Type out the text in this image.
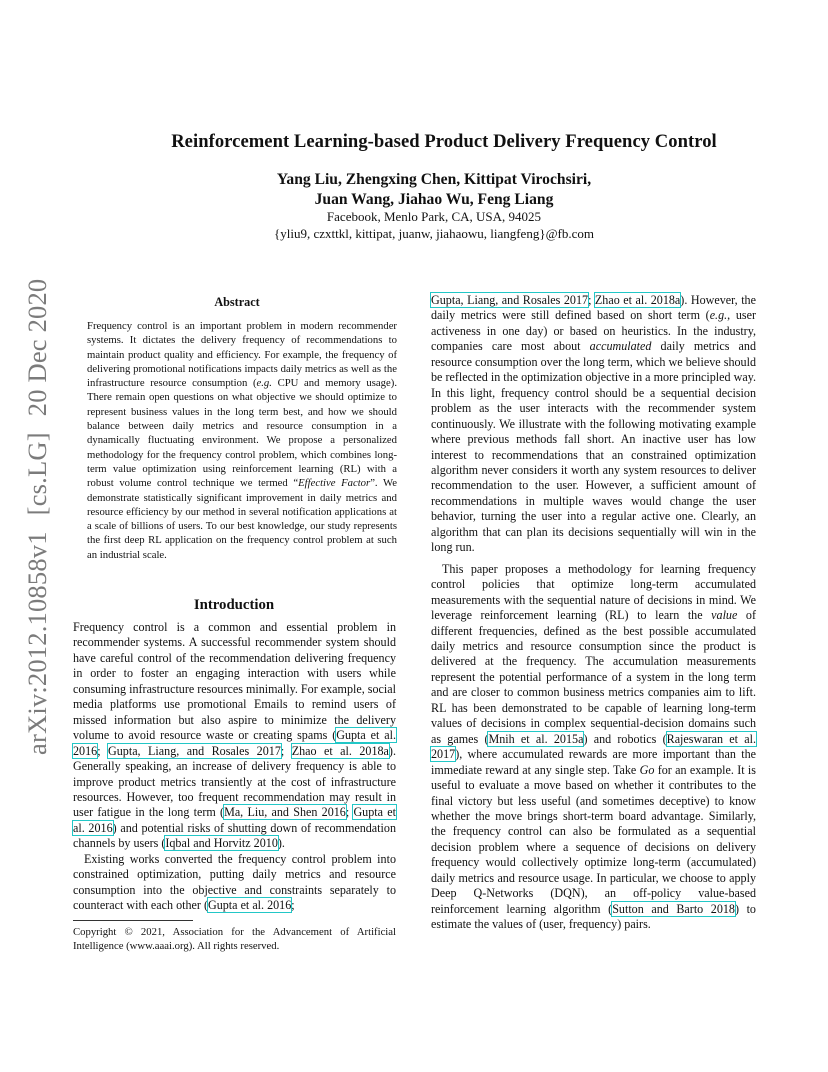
arXiv:2012.10858v1[cs.LG]20 Dec 2020
Reinforcement Learning-based Product Delivery Frequency Control
Yang Liu, Zhengxing Chen, Kittipat Virochsiri,
Juan Wang, Jiahao Wu, Feng Liang
Facebook, Menlo Park, CA, USA, 94025
{yliu9, czxttkl, kittipat, juanw, jiahaowu, liangfeng}@fb.com
Abstract

Frequency control is an important problem in modern recommender systems. It dictates the delivery frequency of recommendations to maintain product quality and efficiency. For example, the frequency of delivering promotional notifications impacts daily metrics as well as the infrastructure resource consumption (e.g. CPU and memory usage). There remain open questions on what objective we should optimize to represent business values in the long term best, and how we should balance between daily metrics and resource consumption in a dynamically fluctuating environment. We propose a personalized methodology for the frequency control problem, which combines long-term value optimization using reinforcement learning (RL) with a robust volume control technique we termed “Effective Factor”. We demonstrate statistically significant improvement in daily metrics and resource efficiency by our method in several notification applications at a scale of billions of users. To our best knowledge, our study represents the first deep RL application on the frequency control problem at such an industrial scale.

Introduction

Frequency control is a common and essential problem in recommender systems. A successful recommender system should have careful control of the recommendation delivering frequency in order to foster an engaging interaction with users while consuming infrastructure resources minimally. For example, social media platforms use promotional Emails to remind users of missed information but also aspire to minimize the delivery volume to avoid resource waste or creating spams (Gupta et al. 2016; Gupta, Liang, and Rosales 2017; Zhao et al. 2018a). Generally speaking, an increase of delivery frequency is able to improve product metrics transiently at the cost of infrastructure resources. However, too frequent recommendation may result in user fatigue in the long term (Ma, Liu, and Shen 2016; Gupta et al. 2016) and potential risks of shutting down of recommendation channels by users (Iqbal and Horvitz 2010).

Existing works converted the frequency control problem into constrained optimization, putting daily metrics and resource consumption into the objective and constraints separately to counteract with each other (Gupta et al. 2016;

Copyright © 2021, Association for the Advancement of Artificial Intelligence (www.aaai.org). All rights reserved.

Gupta, Liang, and Rosales 2017; Zhao et al. 2018a). However, the daily metrics were still defined based on short term (e.g., user activeness in one day) or based on heuristics. In the industry, companies care most about accumulated daily metrics and resource consumption over the long term, which we believe should be reflected in the optimization objective in a more principled way. In this light, frequency control should be a sequential decision problem as the user interacts with the recommender system continuously. We illustrate with the following motivating example where previous methods fall short. An inactive user has low interest to recommendations that an constrained optimization algorithm never considers it worth any system resources to deliver recommendation to the user. However, a sufficient amount of recommendations in multiple waves would change the user behavior, turning the user into a regular active one. Clearly, an algorithm that can plan its decisions sequentially will win in the long run.

This paper proposes a methodology for learning frequency control policies that optimize long-term accumulated measurements with the sequential nature of decisions in mind. We leverage reinforcement learning (RL) to learn the value of different frequencies, defined as the best possible accumulated daily metrics and resource consumption since the product is delivered at the frequency. The accumulation measurements represent the potential performance of a system in the long term and are closer to common business metrics companies aim to lift. RL has been demonstrated to be capable of learning long-term values of decisions in complex sequential-decision domains such as games (Mnih et al. 2015a) and robotics (Rajeswaran et al. 2017), where accumulated rewards are more important than the immediate reward at any single step. Take Go for an example. It is useful to evaluate a move based on whether it contributes to the final victory but less useful (and sometimes deceptive) to know whether the move brings short-term board advantage. Similarly, the frequency control can also be formulated as a sequential decision problem where a sequence of decisions on delivery frequency would collectively optimize long-term (accumulated) daily metrics and resource usage. In particular, we choose to apply Deep Q-Networks (DQN), an off-policy value-based reinforcement learning algorithm (Sutton and Barto 2018) to estimate the values of (user, frequency) pairs.
